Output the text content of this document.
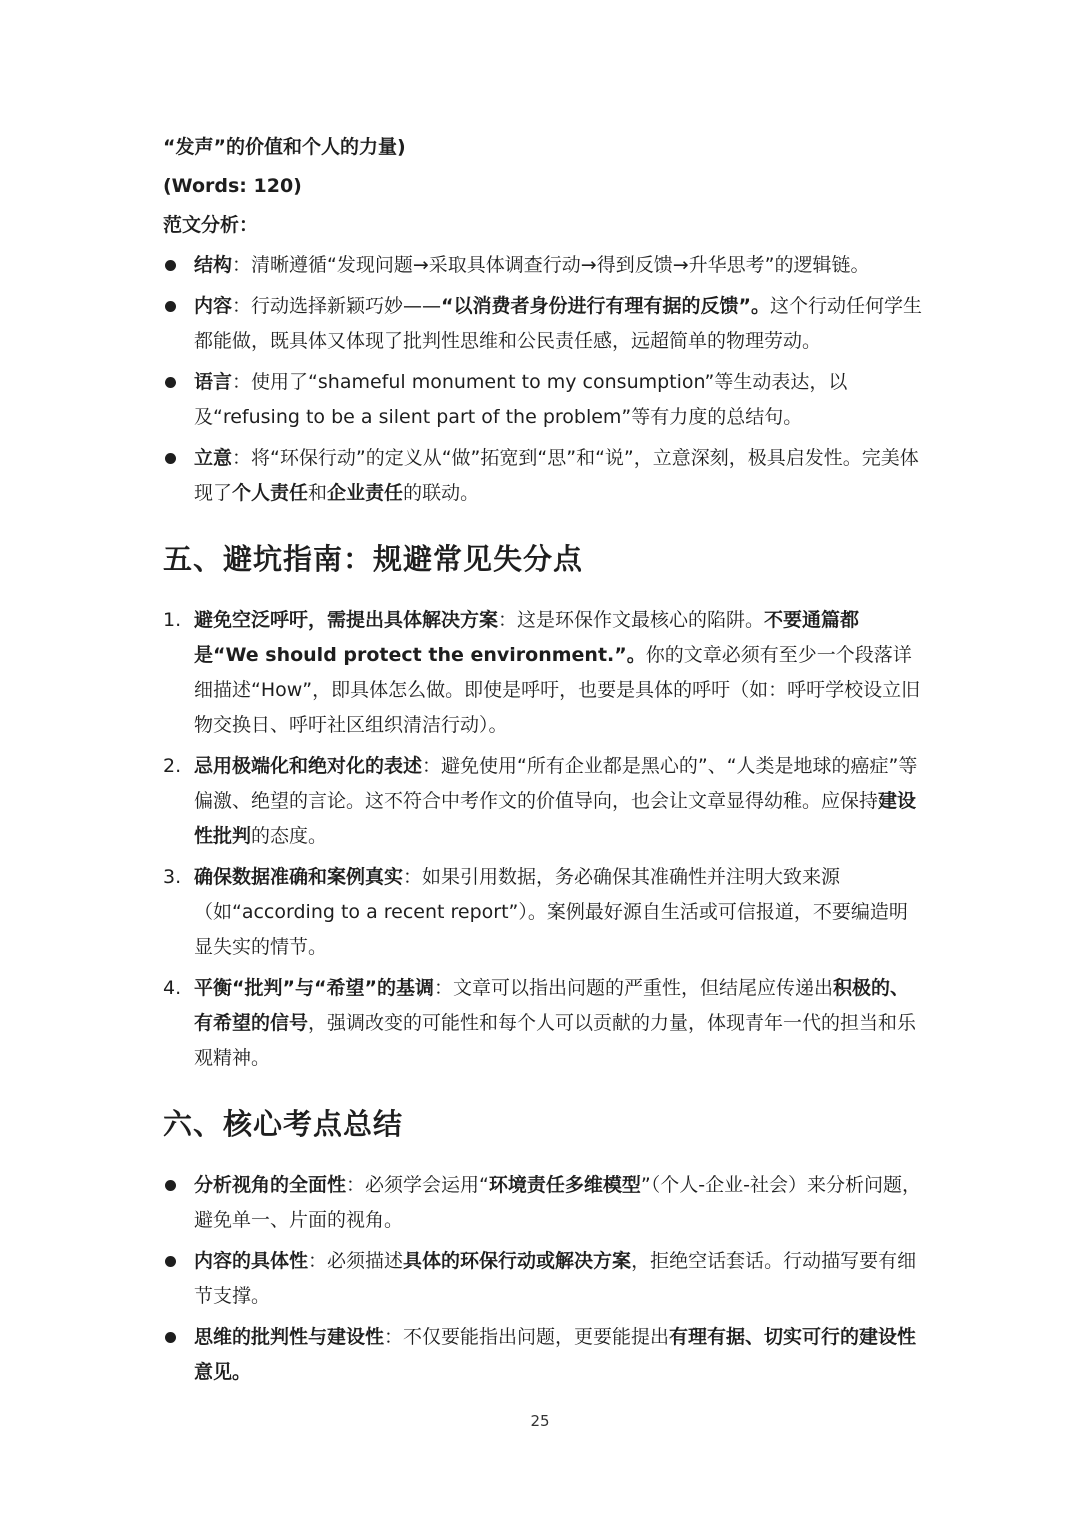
“发声”的价值和个人的力量)
(Words: 120)
范文分析：
结构：清晰遵循“发现问题→采取具体调查行动→得到反馈→升华思考”的逻辑链。
内容：行动选择新颖巧妙——“以消费者身份进行有理有据的反馈”。这个行动任何学生都能做，既具体又体现了批判性思维和公民责任感，远超简单的物理劳动。
语言：使用了“shameful monument to my consumption”等生动表达，以及“refusing to be a silent part of the problem”等有力度的总结句。
立意：将“环保行动”的定义从“做”拓宽到“思”和“说”，立意深刻，极具启发性。完美体现了个人责任和企业责任的联动。
五、避坑指南：规避常见失分点
1. 避免空泛呼吁，需提出具体解决方案：这是环保作文最核心的陷阱。不要通篇都是“We should protect the environment.”。你的文章必须有至少一个段落详细描述“How”，即具体怎么做。即使是呼吁，也要是具体的呼吁（如：呼吁学校设立旧物交换日、呼吁社区组织清洁行动）。
2. 忌用极端化和绝对化的表述：避免使用“所有企业都是黑心的”、“人类是地球的癌症”等偏激、绝望的言论。这不符合中考作文的价值导向，也会让文章显得幼稚。应保持建设性批判的态度。
3. 确保数据准确和案例真实：如果引用数据，务必确保其准确性并注明大致来源（如“according to a recent report”）。案例最好源自生活或可信报道，不要编造明显失实的情节。
4. 平衡“批判”与“希望”的基调：文章可以指出问题的严重性，但结尾应传递出积极的、有希望的信号，强调改变的可能性和每个人可以贡献的力量，体现青年一代的担当和乐观精神。
六、核心考点总结
分析视角的全面性：必须学会运用“环境责任多维模型”（个人-企业-社会）来分析问题，避免单一、片面的视角。
内容的具体性：必须描述具体的环保行动或解决方案，拒绝空话套话。行动描写要有细节支撑。
思维的批判性与建设性：不仅要能指出问题，更要能提出有理有据、切实可行的建设性意见。
25
